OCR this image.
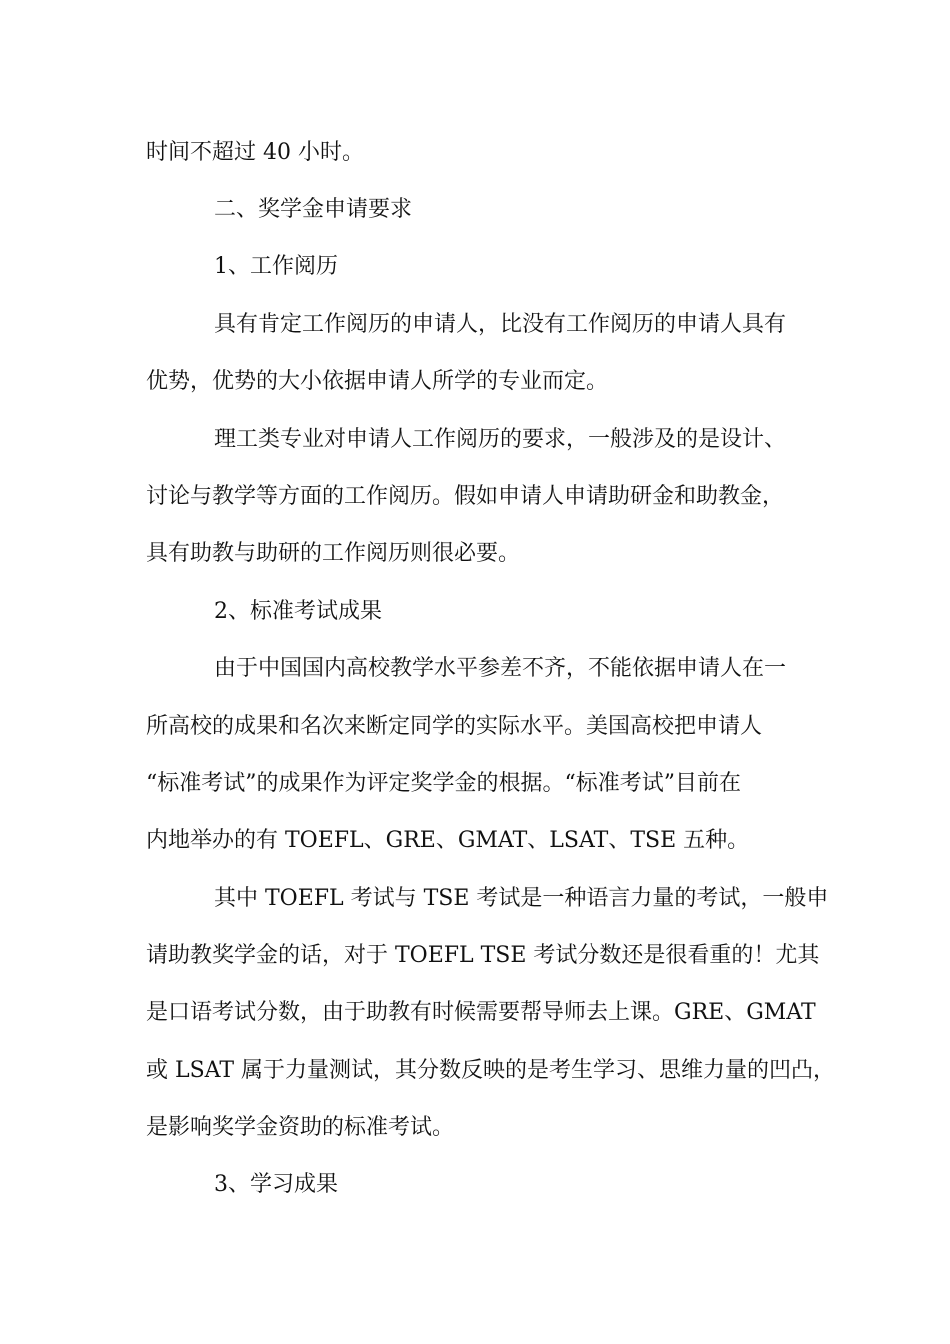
时间不超过 40 小时。

二、奖学金申请要求

1、工作阅历

具有肯定工作阅历的申请人，比没有工作阅历的申请人具有

优势，优势的大小依据申请人所学的专业而定。

理工类专业对申请人工作阅历的要求，一般涉及的是设计、

讨论与教学等方面的工作阅历。假如申请人申请助研金和助教金，

具有助教与助研的工作阅历则很必要。

2、标准考试成果

由于中国国内高校教学水平参差不齐，不能依据申请人在一

所高校的成果和名次来断定同学的实际水平。美国高校把申请人

“标准考试”的成果作为评定奖学金的根据。“标准考试”目前在

内地举办的有 TOEFL、GRE、GMAT、LSAT、TSE 五种。

其中 TOEFL 考试与 TSE 考试是一种语言力量的考试，一般申

请助教奖学金的话，对于 TOEFL TSE 考试分数还是很看重的！尤其

是口语考试分数，由于助教有时候需要帮导师去上课。GRE、GMAT

或 LSAT 属于力量测试，其分数反映的是考生学习、思维力量的凹凸，

是影响奖学金资助的标准考试。

3、学习成果
